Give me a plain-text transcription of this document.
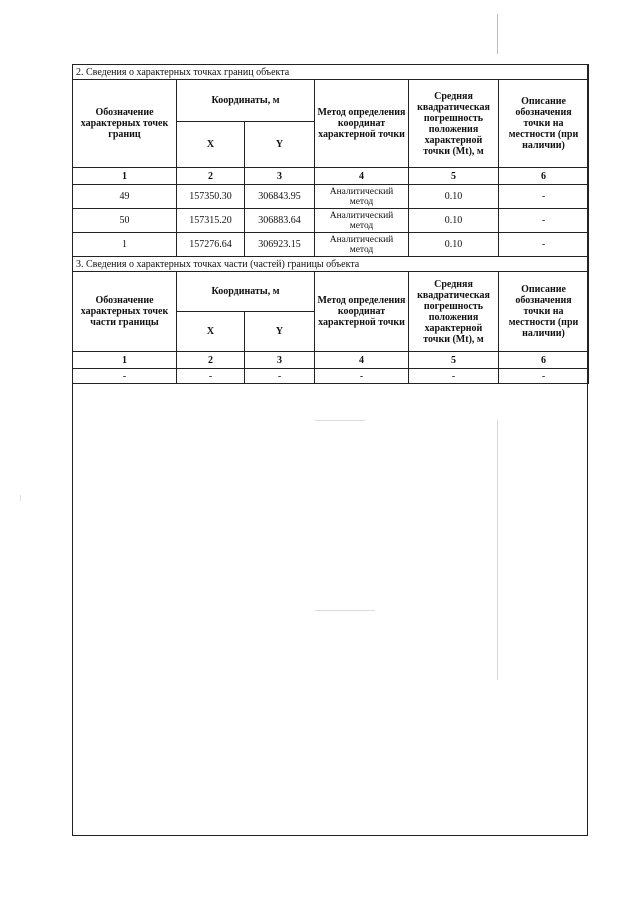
2. Сведения о характерных точках границ объекта					
Обозначение характерных точек границ	Координаты, м		Метод определения координат характерной точки	Средняя квадратическая погрешность положения характерной точки (Mt), м	Описание обозначения точки на местности (при наличии)
	X	Y			
1	2	3	4	5	6
49	157350.30	306843.95	Аналитический метод	0.10	-
50	157315.20	306883.64	Аналитический метод	0.10	-
1	157276.64	306923.15	Аналитический метод	0.10	-
3. Сведения о характерных точках части (частей) границы объекта					
Обозначение характерных точек части границы	Координаты, м		Метод определения координат характерной точки	Средняя квадратическая погрешность положения характерной точки (Mt), м	Описание обозначения точки на местности (при наличии)
	X	Y			
1	2	3	4	5	6
-	-	-	-	-	-
